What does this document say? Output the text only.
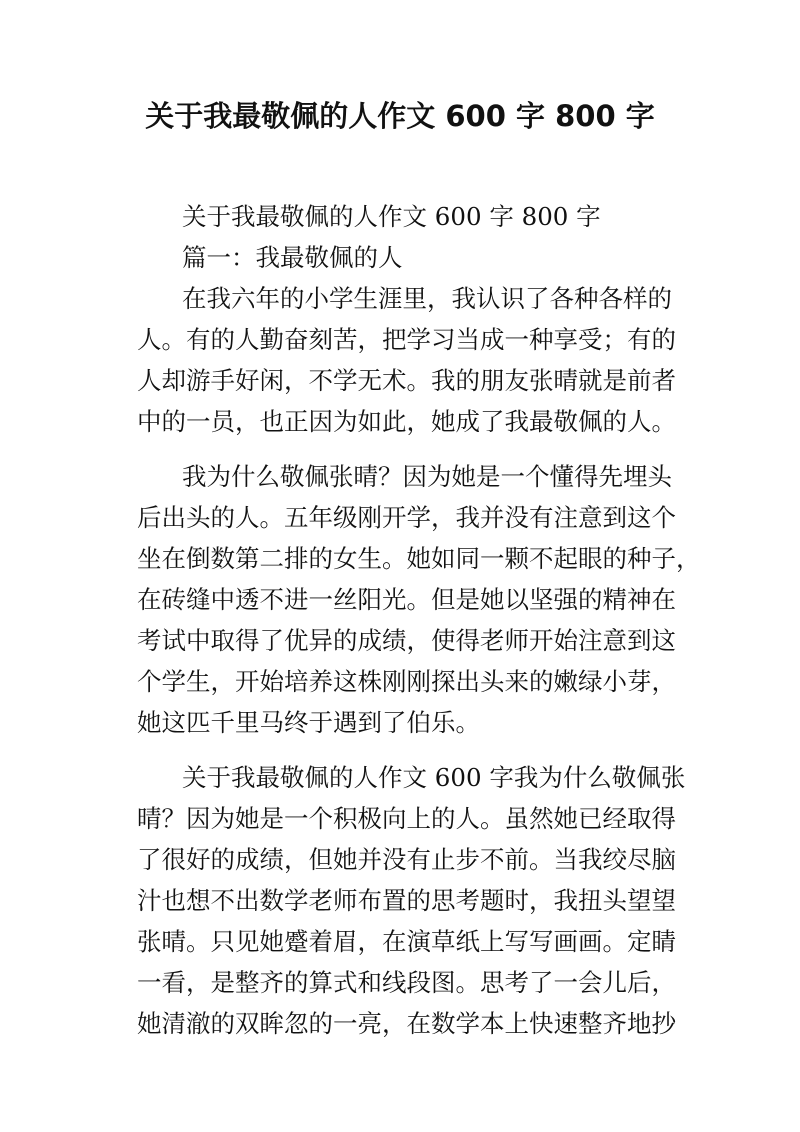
关于我最敬佩的人作文 600 字 800 字

关于我最敬佩的人作文 600 字 800 字

篇一：我最敬佩的人

在我六年的小学生涯里，我认识了各种各样的

人。有的人勤奋刻苦，把学习当成一种享受；有的

人却游手好闲，不学无术。我的朋友张晴就是前者

中的一员，也正因为如此，她成了我最敬佩的人。

我为什么敬佩张晴？因为她是一个懂得先埋头

后出头的人。五年级刚开学，我并没有注意到这个

坐在倒数第二排的女生。她如同一颗不起眼的种子，

在砖缝中透不进一丝阳光。但是她以坚强的精神在

考试中取得了优异的成绩，使得老师开始注意到这

个学生，开始培养这株刚刚探出头来的嫩绿小芽，

她这匹千里马终于遇到了伯乐。

关于我最敬佩的人作文 600 字我为什么敬佩张

晴？因为她是一个积极向上的人。虽然她已经取得

了很好的成绩，但她并没有止步不前。当我绞尽脑

汁也想不出数学老师布置的思考题时，我扭头望望

张晴。只见她蹙着眉，在演草纸上写写画画。定睛

一看，是整齐的算式和线段图。思考了一会儿后，

她清澈的双眸忽的一亮，在数学本上快速整齐地抄
